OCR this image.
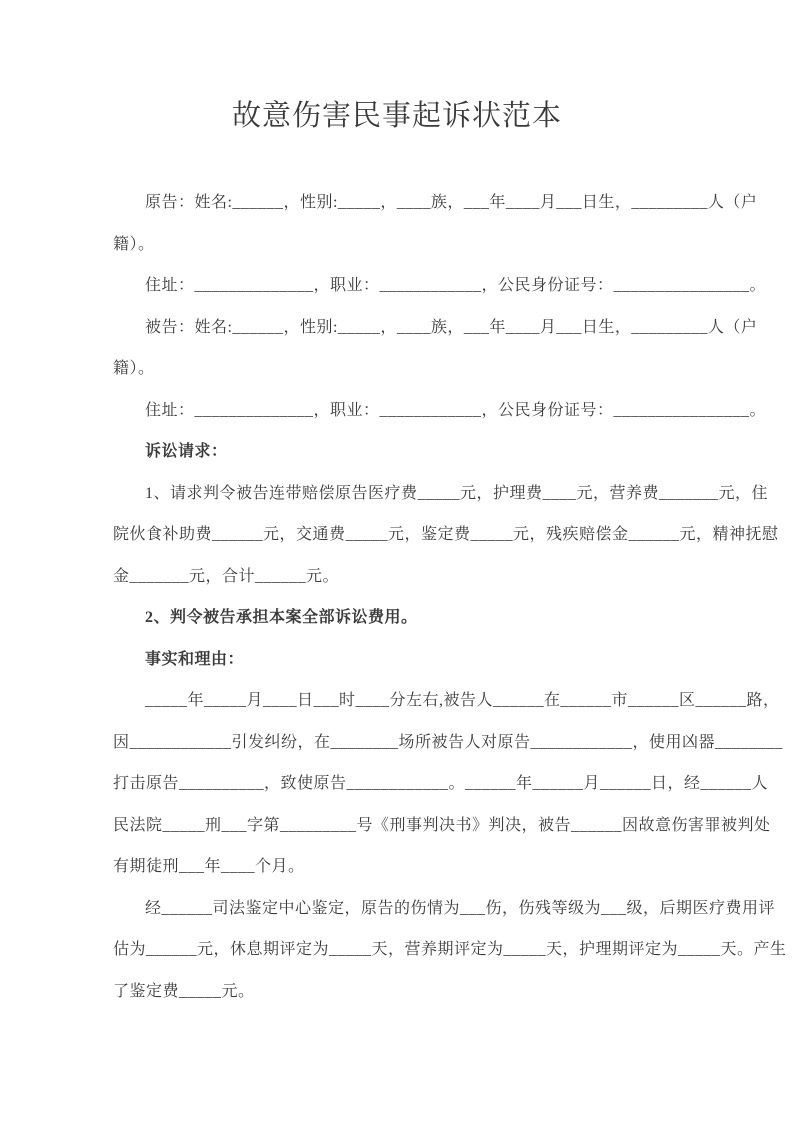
故意伤害民事起诉状范本
原告：姓名:______，性别:_____，____族，___年____月___日生，_________人（户
籍）。
住址：______________，职业：____________，公民身份证号：________________。
被告：姓名:______，性别:_____，____族，___年____月___日生，_________人（户
籍）。
住址：______________，职业：____________，公民身份证号：________________。
诉讼请求：
1、请求判令被告连带赔偿原告医疗费_____元，护理费____元，营养费_______元，住
院伙食补助费______元，交通费_____元，鉴定费_____元，残疾赔偿金______元，精神抚慰
金_______元，合计______元。
2、判令被告承担本案全部诉讼费用。
事实和理由：
_____年_____月____日___时____分左右,被告人______在______市______区______路，
因____________引发纠纷，在________场所被告人对原告____________，使用凶器________
打击原告__________，致使原告____________。______年______月______日，经______人
民法院_____刑___字第_________号《刑事判决书》判决，被告______因故意伤害罪被判处
有期徒刑___年____个月。
经______司法鉴定中心鉴定，原告的伤情为___伤，伤残等级为___级，后期医疗费用评
估为______元，休息期评定为_____天，营养期评定为_____天，护理期评定为_____天。产生
了鉴定费_____元。
